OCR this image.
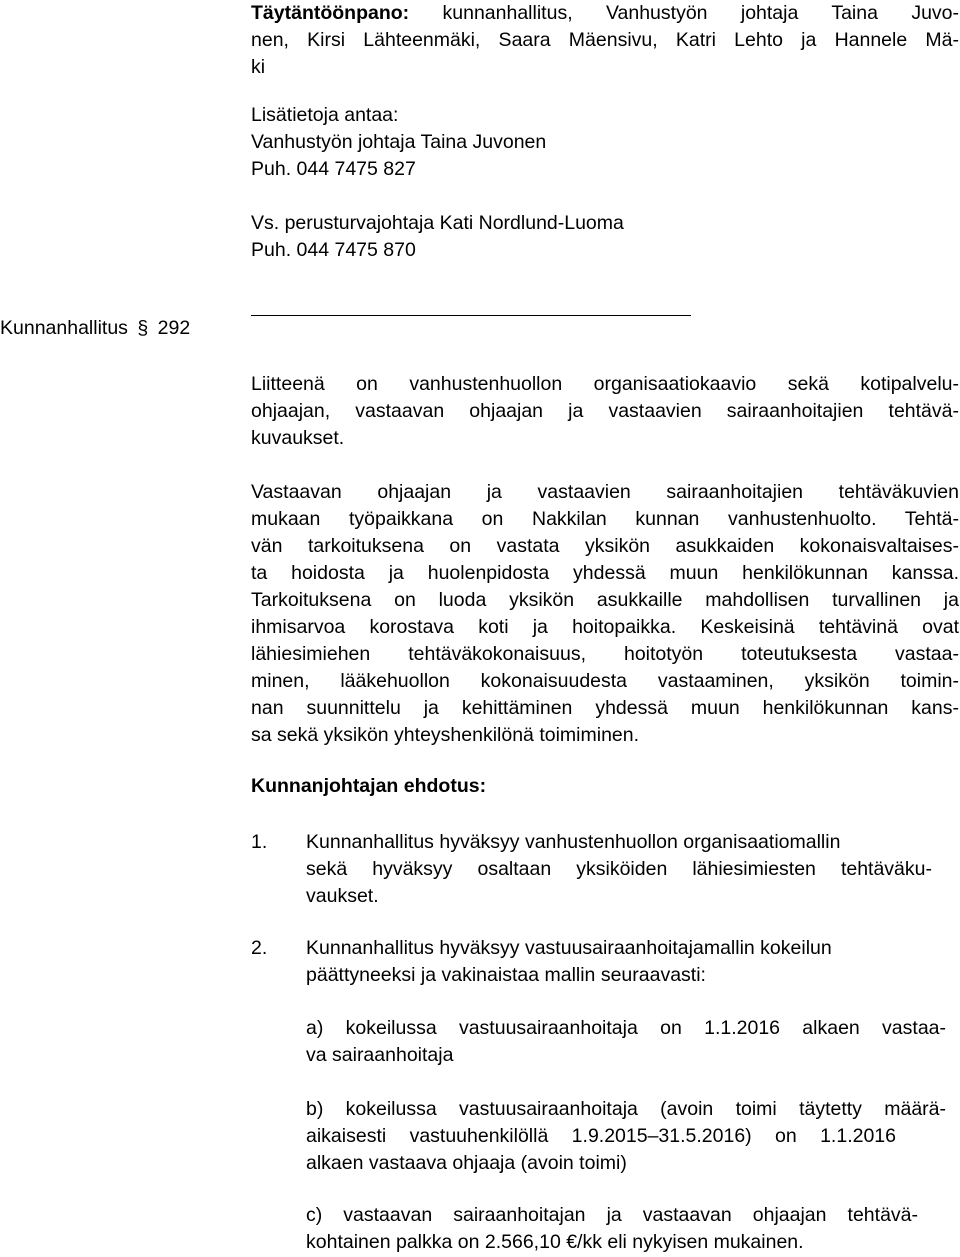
Täytäntöönpano: kunnanhallitus, Vanhustyön johtaja Taina Juvo-
nen, Kirsi Lähteenmäki, Saara Mäensivu, Katri Lehto ja Hannele Mä-
ki
Lisätietoja antaa:
Vanhustyön johtaja Taina Juvonen
Puh. 044 7475 827
Vs. perusturvajohtaja Kati Nordlund-Luoma
Puh. 044 7475 870
Kunnanhallitus § 292
Liitteenä on vanhustenhuollon organisaatiokaavio sekä kotipalvelu-
ohjaajan, vastaavan ohjaajan ja vastaavien sairaanhoitajien tehtävä-
kuvaukset.
Vastaavan ohjaajan ja vastaavien sairaanhoitajien tehtäväkuvien
mukaan työpaikkana on Nakkilan kunnan vanhustenhuolto. Tehtä-
vän tarkoituksena on vastata yksikön asukkaiden kokonaisvaltaises-
ta hoidosta ja huolenpidosta yhdessä muun henkilökunnan kanssa.
Tarkoituksena on luoda yksikön asukkaille mahdollisen turvallinen ja
ihmisarvoa korostava koti ja hoitopaikka. Keskeisinä tehtävinä ovat
lähiesimiehen tehtäväkokonaisuus, hoitotyön toteutuksesta vastaa-
minen, lääkehuollon kokonaisuudesta vastaaminen, yksikön toimin-
nan suunnittelu ja kehittäminen yhdessä muun henkilökunnan kans-
sa sekä yksikön yhteyshenkilönä toimiminen.
Kunnanjohtajan ehdotus:
1. Kunnanhallitus hyväksyy vanhustenhuollon organisaatiomallin
sekä hyväksyy osaltaan yksiköiden lähiesimiesten tehtäväku-
vaukset.
2. Kunnanhallitus hyväksyy vastuusairaanhoitajamallin kokeilun
päättyneeksi ja vakinaistaa mallin seuraavasti:
a) kokeilussa vastuusairaanhoitaja on 1.1.2016 alkaen vastaa-
va sairaanhoitaja
b) kokeilussa vastuusairaanhoitaja (avoin toimi täytetty määrä-
aikaisesti vastuuhenkilöllä 1.9.2015–31.5.2016) on 1.1.2016
alkaen vastaava ohjaaja (avoin toimi)
c) vastaavan sairaanhoitajan ja vastaavan ohjaajan tehtävä-
kohtainen palkka on 2.566,10 €/kk eli nykyisen mukainen.
